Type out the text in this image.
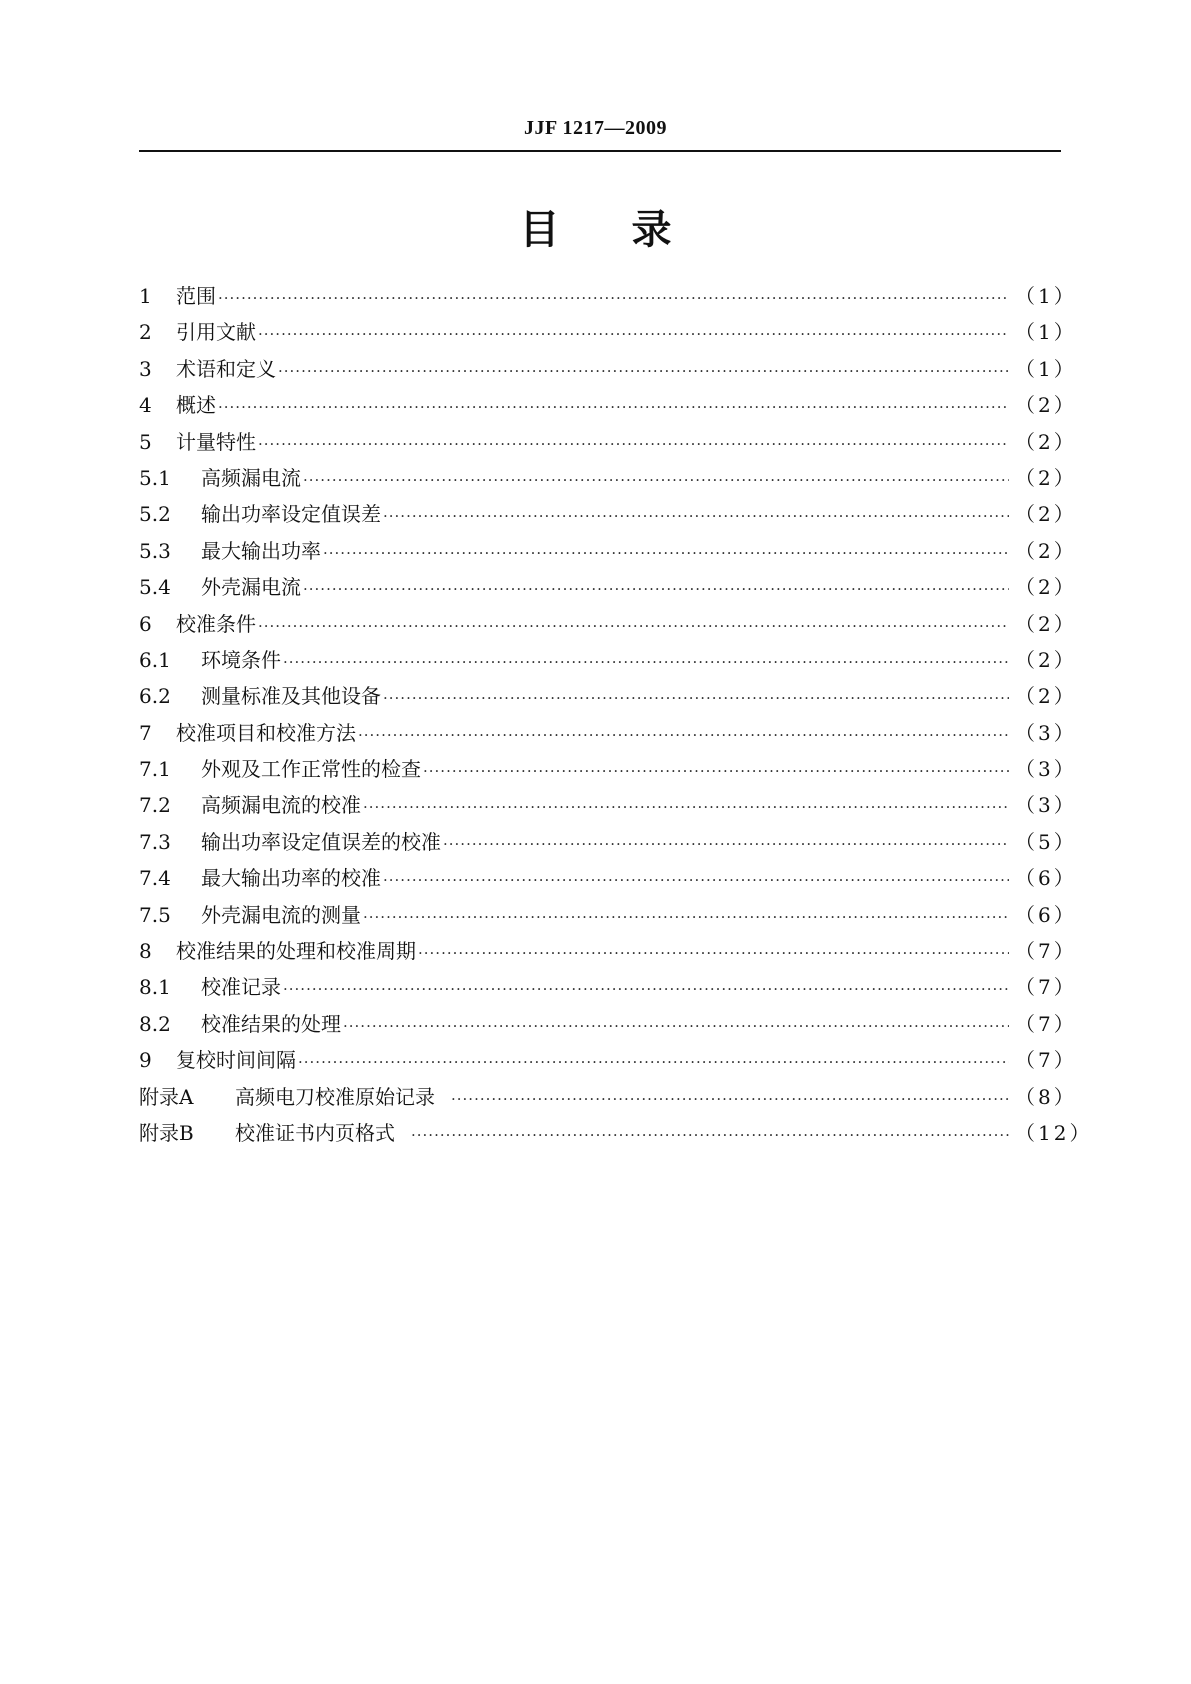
JJF 1217—2009
目录
1	范围 ·····	（1）
2	引用文献 ·····	（1）
3	术语和定义 ·····	（1）
4	概述 ·····	（2）
5	计量特性 ·····	（2）
5.1	高频漏电流 ·····	（2）
5.2	输出功率设定值误差 ·····	（2）
5.3	最大输出功率 ·····	（2）
5.4	外壳漏电流 ·····	（2）
6	校准条件 ·····	（2）
6.1	环境条件 ·····	（2）
6.2	测量标准及其他设备 ·····	（2）
7	校准项目和校准方法 ·····	（3）
7.1	外观及工作正常性的检查 ·····	（3）
7.2	高频漏电流的校准 ·····	（3）
7.3	输出功率设定值误差的校准 ·····	（5）
7.4	最大输出功率的校准 ·····	（6）
7.5	外壳漏电流的测量 ·····	（6）
8	校准结果的处理和校准周期 ·····	（7）
8.1	校准记录 ·····	（7）
8.2	校准结果的处理 ·····	（7）
9	复校时间间隔 ·····	（7）
附录A	高频电刀校准原始记录 ·····	（8）
附录B	校准证书内页格式 ·····	（12）
